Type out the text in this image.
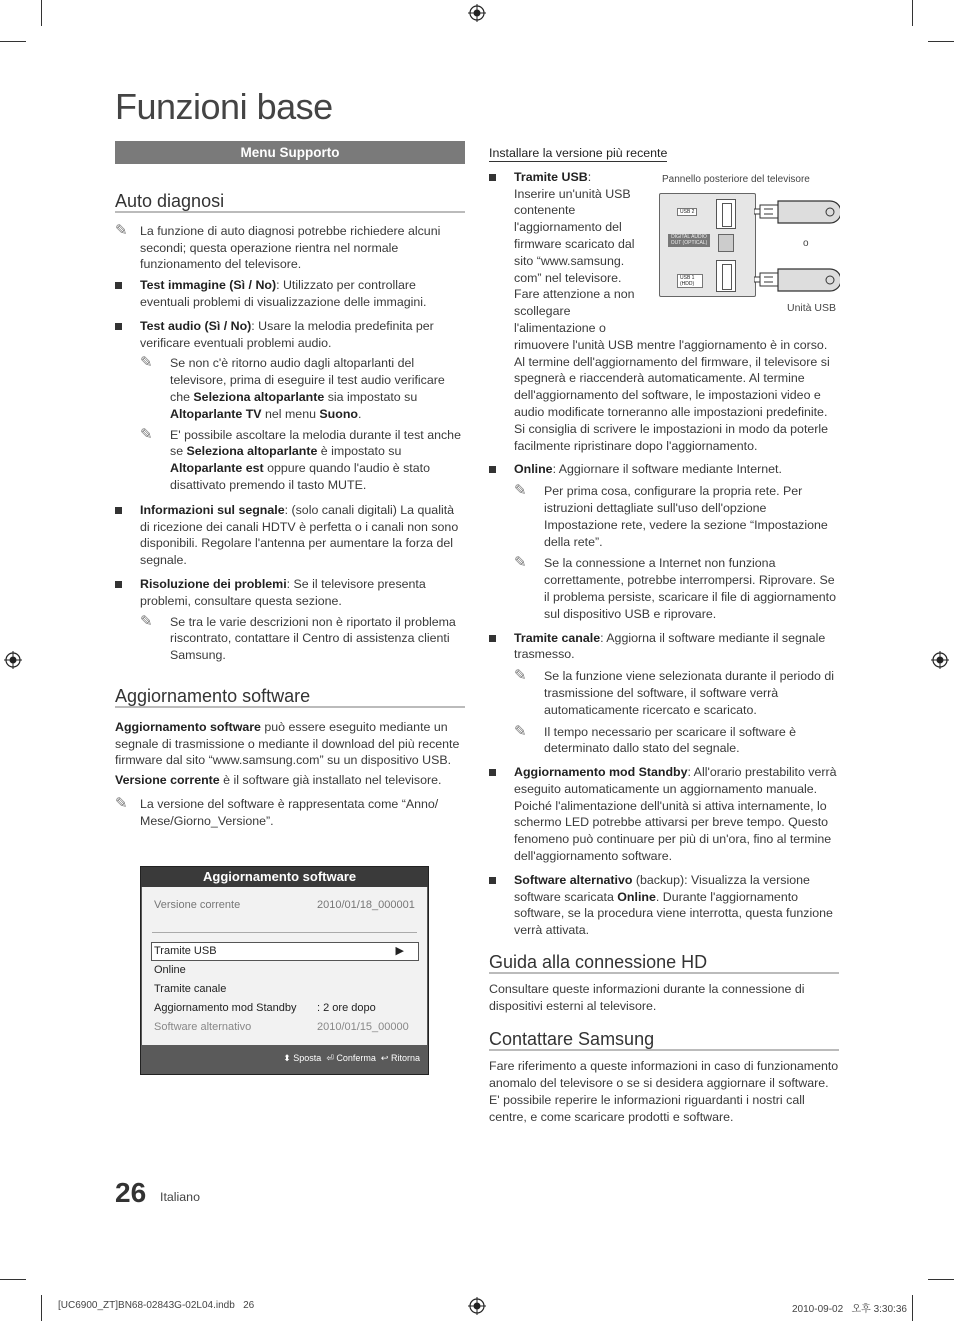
Funzioni base
Menu Supporto
Auto diagnosi

✎ La funzione di auto diagnosi potrebbe richiedere alcuni secondi; questa operazione rientra nel normale funzionamento del televisore.

Test immagine (Sì / No): Utilizzato per controllare eventuali problemi di visualizzazione delle immagini.

Test audio (Sì / No): Usare la melodia predefinita per verificare eventuali problemi audio.

✎ Se non c'è ritorno audio dagli altoparlanti del televisore, prima di eseguire il test audio verificare che Seleziona altoparlante sia impostato su Altoparlante TV nel menu Suono.

✎ E' possibile ascoltare la melodia durante il test anche se Seleziona altoparlante è impostato su Altoparlante est oppure quando l'audio è stato disattivato premendo il tasto MUTE.

Informazioni sul segnale: (solo canali digitali) La qualità di ricezione dei canali HDTV è perfetta o i canali non sono disponibili. Regolare l'antenna per aumentare la forza del segnale.

Risoluzione dei problemi: Se il televisore presenta problemi, consultare questa sezione.

✎ Se tra le varie descrizioni non è riportato il problema riscontrato, contattare il Centro di assistenza clienti Samsung.

Aggiornamento software

Aggiornamento software può essere eseguito mediante un segnale di trasmissione o mediante il download del più recente firmware dal sito “www.samsung.com” su un dispositivo USB.

Versione corrente è il software già installato nel televisore.

✎ La versione del software è rappresentata come “Anno/ Mese/Giorno_Versione”.

Aggiornamento software
Versione corrente	2010/01/18_000001
Tramite USB	▶
Online
Tramite canale
Aggiornamento mod Standby : 2 ore dopo
Software alternativo	2010/01/15_00000
⬍ Sposta ⏎ Conferma ↩ Ritorna
Installare la versione più recente
Tramite USB:
Inserire un'unità USB contenente l'aggiornamento del firmware scaricato dal sito “www.samsung. com” nel televisore. Fare attenzione a non scollegare l'alimentazione o
rimuovere l'unità USB mentre l'aggiornamento è in corso. Al termine dell'aggiornamento del firmware, il televisore si spegnerà e riaccenderà automaticamente. Al termine dell'aggiornamento del software, le impostazioni video e audio modificate torneranno alle impostazioni predefinite. Si consiglia di scrivere le impostazioni in modo da poterle facilmente ripristinare dopo l'aggiornamento.

Online: Aggiornare il software mediante Internet.

✎ Per prima cosa, configurare la propria rete. Per istruzioni dettagliate sull'uso dell'opzione Impostazione rete, vedere la sezione “Impostazione della rete”.

✎ Se la connessione a Internet non funziona correttamente, potrebbe interrompersi. Riprovare. Se il problema persiste, scaricare il file di aggiornamento sul dispositivo USB e riprovare.

Tramite canale: Aggiorna il software mediante il segnale trasmesso.

✎ Se la funzione viene selezionata durante il periodo di trasmissione del software, il software verrà automaticamente ricercato e scaricato.

✎ Il tempo necessario per scaricare il software è determinato dallo stato del segnale.

Aggiornamento mod Standby: All'orario prestabilito verrà eseguito automaticamente un aggiornamento manuale. Poiché l'alimentazione dell'unità si attiva internamente, lo schermo LED potrebbe attivarsi per breve tempo. Questo fenomeno può continuare per più di un'ora, fino al termine dell'aggiornamento software.

Software alternativo (backup): Visualizza la versione software scaricata Online. Durante l'aggiornamento software, se la procedura viene interrotta, questa funzione verrà attivata.

Guida alla connessione HD

Consultare queste informazioni durante la connessione di dispositivi esterni al televisore.

Contattare Samsung

Fare riferimento a queste informazioni in caso di funzionamento anomalo del televisore o se si desidera aggiornare il software. E' possibile reperire le informazioni riguardanti i nostri call centre, e come scaricare prodotti e software.

Pannello posteriore del televisore
USB 2
DIGITAL AUDIO OUT (OPTICAL)
USB 1 (HDD)
o
Unità USB
26 Italiano
[UC6900_ZT]BN68-02843G-02L04.indb   26	2010-09-02   오후 3:30:36
